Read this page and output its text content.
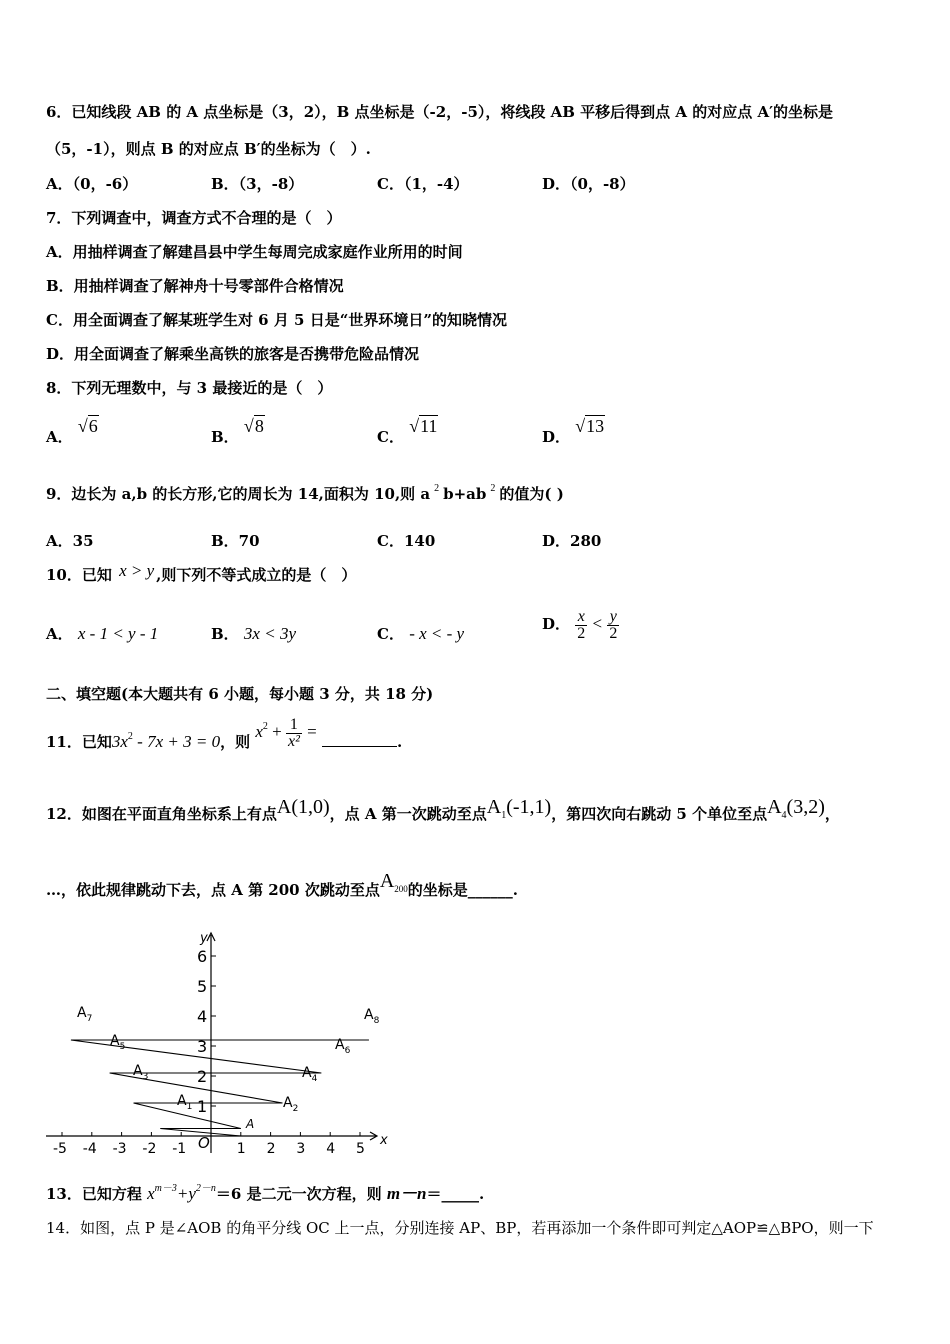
6．已知线段 AB 的 A 点坐标是（3，2），B 点坐标是（-2，-5），将线段 AB 平移后得到点 A 的对应点 A′的坐标是
（5，-1），则点 B 的对应点 B′的坐标为（　）.
A．（0，-6）	B．（3，-8）	C．（1，-4）	D．（0，-8）
7．下列调查中，调查方式不合理的是（　）
A．用抽样调查了解建昌县中学生每周完成家庭作业所用的时间
B．用抽样调查了解神舟十号零部件合格情况
C．用全面调查了解某班学生对 6 月 5 日是“世界环境日”的知晓情况
D．用全面调查了解乘坐高铁的旅客是否携带危险品情况
8．下列无理数中，与 3 最接近的是（　）
A． √6
B． √8
C． √11
D． √13
9．边长为 a,b 的长方形,它的周长为 14,面积为 10,则 a $^2$ b+ab $^2$ 的值为( )
A．35	B．70	C．140	D．280
10．已知 x > y ,则下列不等式成立的是（　）
A． x - 1 < y - 1	B． 3x < 3y	C． - x < - y	D． $\frac{x}{2} < \frac{y}{2}$
二、填空题(本大题共有 6 小题，每小题 3 分，共 18 分)
11．已知$3x^2 - 7x + 3 = 0$，则 $x^2 + \frac{1}{\text{x²}}$ = .
12．如图在平面直角坐标系上有点A(1,0)，点 A 第一次跳动至点$A_1(-1,1)$，第四次向右跳动 5 个单位至点$A_4(3,2)$，
…，依此规律跳动下去，点 A 第 200 次跳动至点$A_{200}$的坐标是______.
x
y
O
-5 -4 -3 -2 -1	1 2 3 4 5
1
2
3
4
5
6
A
$A_1$	$A_2$
$A_3$	$A_4$
$A_5$	$A_6$
$A_7$	$A_8$
13．已知方程 $x^{m-3}+y^{2-n}=6$ 是二元一次方程，则 m－n＝_____.
14．如图，点 P 是∠AOB 的角平分线 OC 上一点，分别连接 AP、BP，若再添加一个条件即可判定△AOP≌△BPO，则一下
